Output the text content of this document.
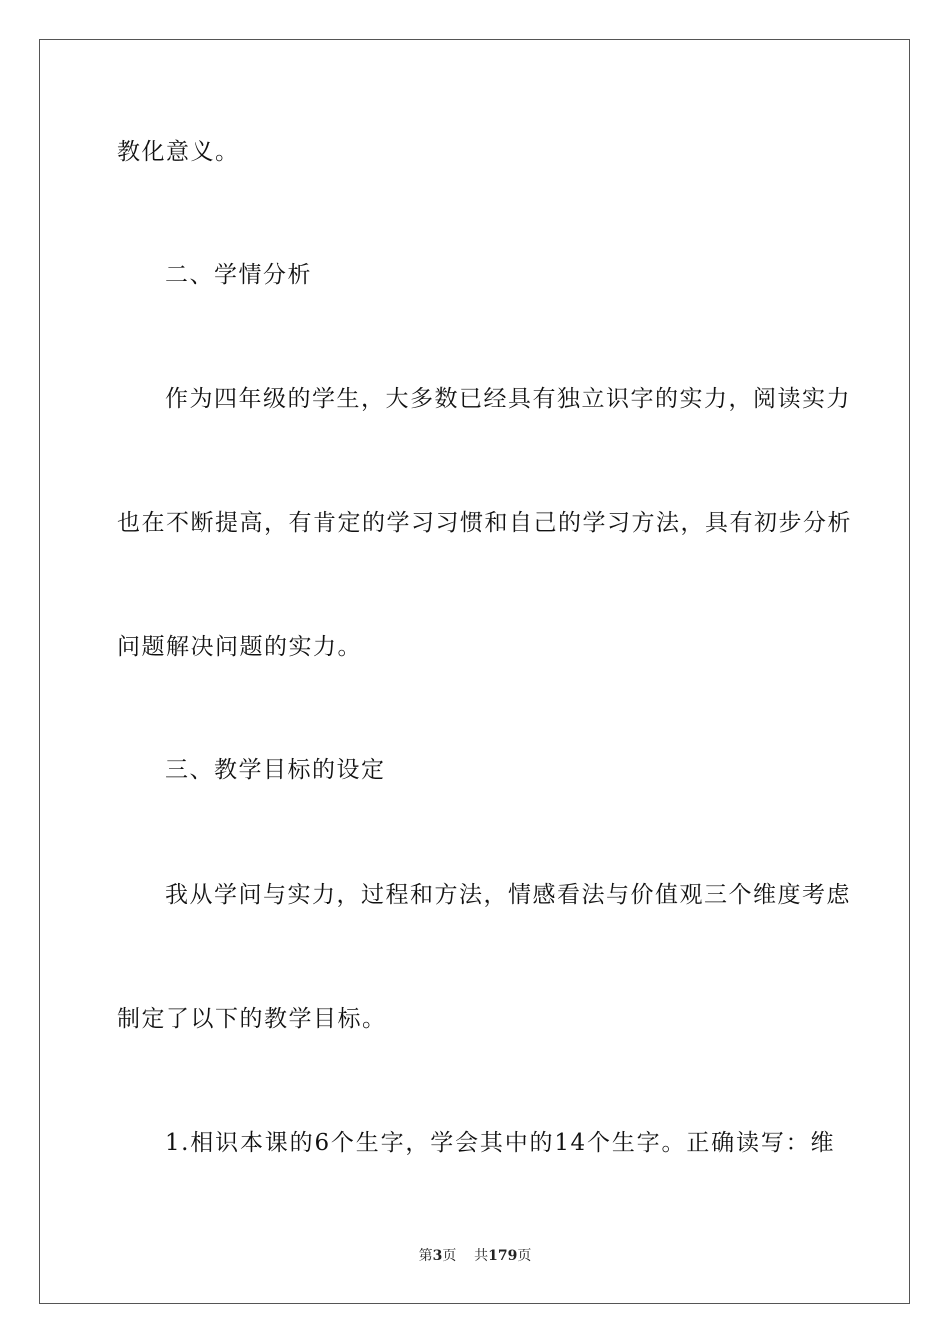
教化意义。
二、学情分析
作为四年级的学生，大多数已经具有独立识字的实力，阅读实力
也在不断提高，有肯定的学习习惯和自己的学习方法，具有初步分析
问题解决问题的实力。
三、教学目标的设定
我从学问与实力，过程和方法，情感看法与价值观三个维度考虑
制定了以下的教学目标。
1.相识本课的6个生字，学会其中的14个生字。正确读写：维
第3页 共179页
